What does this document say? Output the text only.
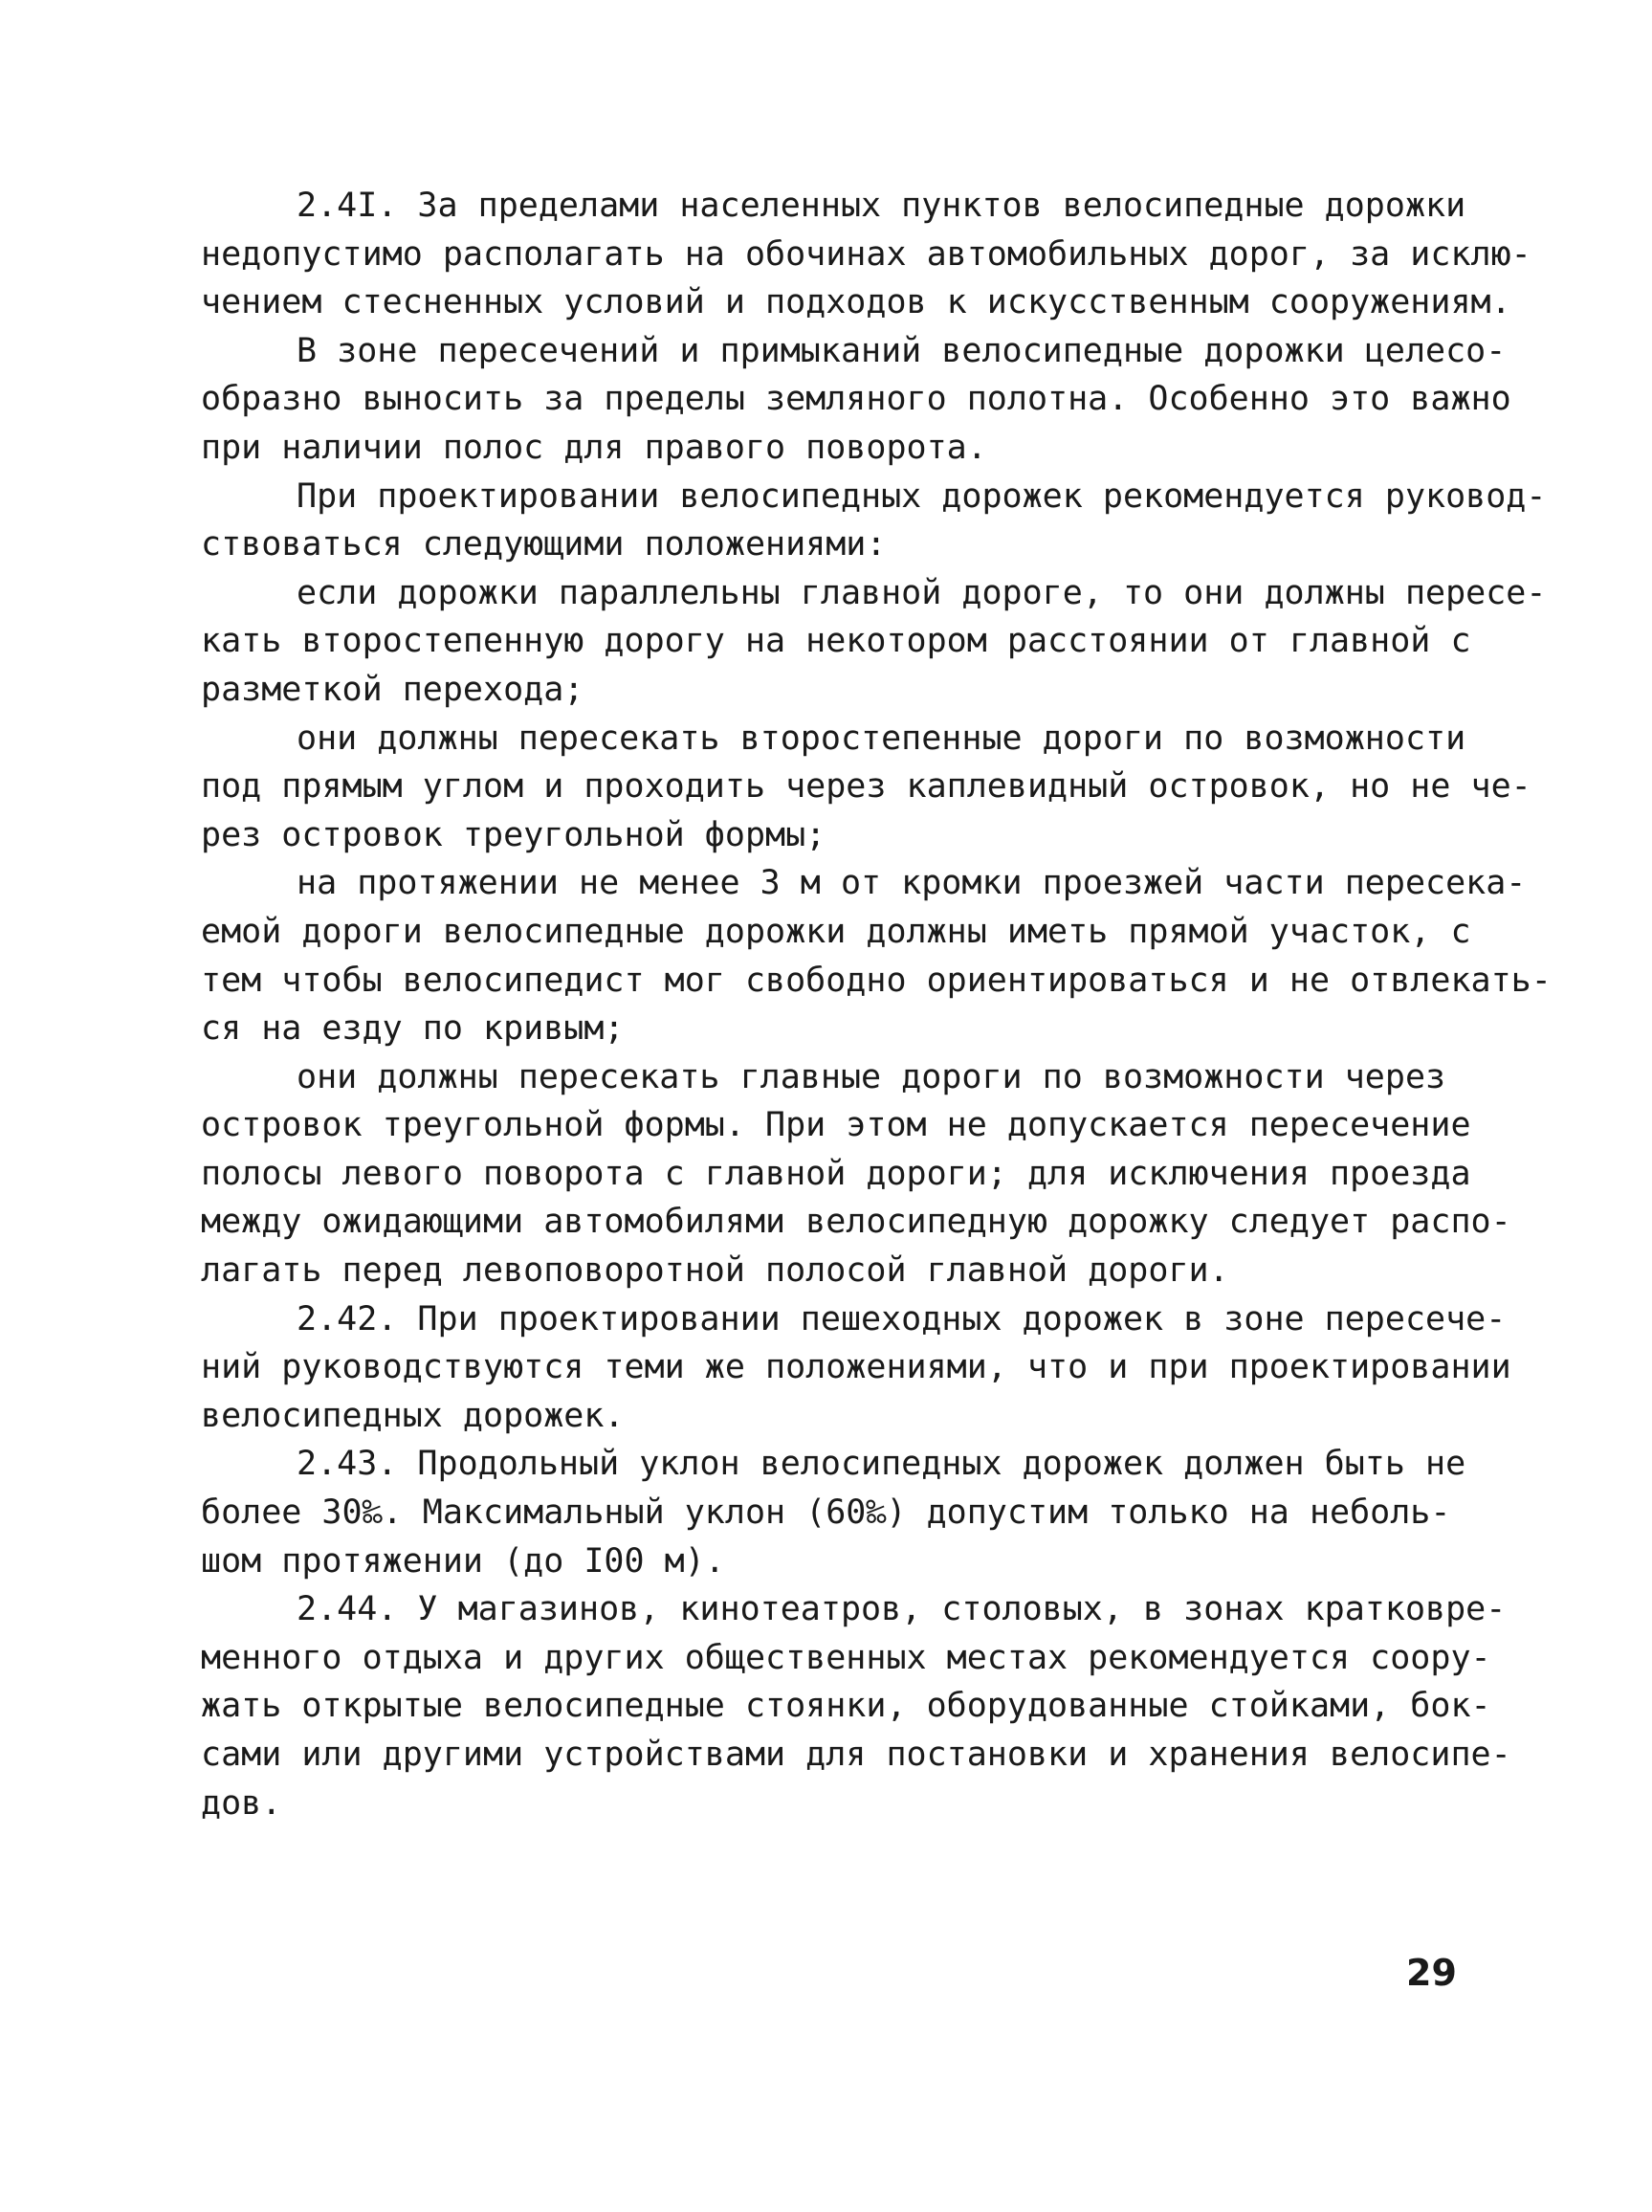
2.4I. За пределами населенных пунктов велосипедные дорожки
недопустимо располагать на обочинах автомобильных дорог, за исклю-
чением стесненных условий и подходов к искусственным сооружениям.
В зоне пересечений и примыканий велосипедные дорожки целесо-
образно выносить за пределы земляного полотна. Особенно это важно
при наличии полос для правого поворота.
При проектировании велосипедных дорожек рекомендуется руковод-
ствоваться следующими положениями:
если дорожки параллельны главной дороге, то они должны пересе-
кать второстепенную дорогу на некотором расстоянии от главной с
разметкой перехода;
они должны пересекать второстепенные дороги по возможности
под прямым углом и проходить через каплевидный островок, но не че-
рез островок треугольной формы;
на протяжении не менее 3 м от кромки проезжей части пересека-
емой дороги велосипедные дорожки должны иметь прямой участок, с
тем чтобы велосипедист мог свободно ориентироваться и не отвлекать-
ся на езду по кривым;
они должны пересекать главные дороги по возможности через
островок треугольной формы. При этом не допускается пересечение
полосы левого поворота с главной дороги; для исключения проезда
между ожидающими автомобилями велосипедную дорожку следует распо-
лагать перед левоповоротной полосой главной дороги.
2.42. При проектировании пешеходных дорожек в зоне пересече-
ний руководствуются теми же положениями, что и при проектировании
велосипедных дорожек.
2.43. Продольный уклон велосипедных дорожек должен быть не
более 30‰. Максимальный уклон (60‰) допустим только на неболь-
шом протяжении (до I00 м).
2.44. У магазинов, кинотеатров, столовых, в зонах кратковре-
менного отдыха и других общественных местах рекомендуется соору-
жать открытые велосипедные стоянки, оборудованные стойками, бок-
сами или другими устройствами для постановки и хранения велосипе-
дов.
29
